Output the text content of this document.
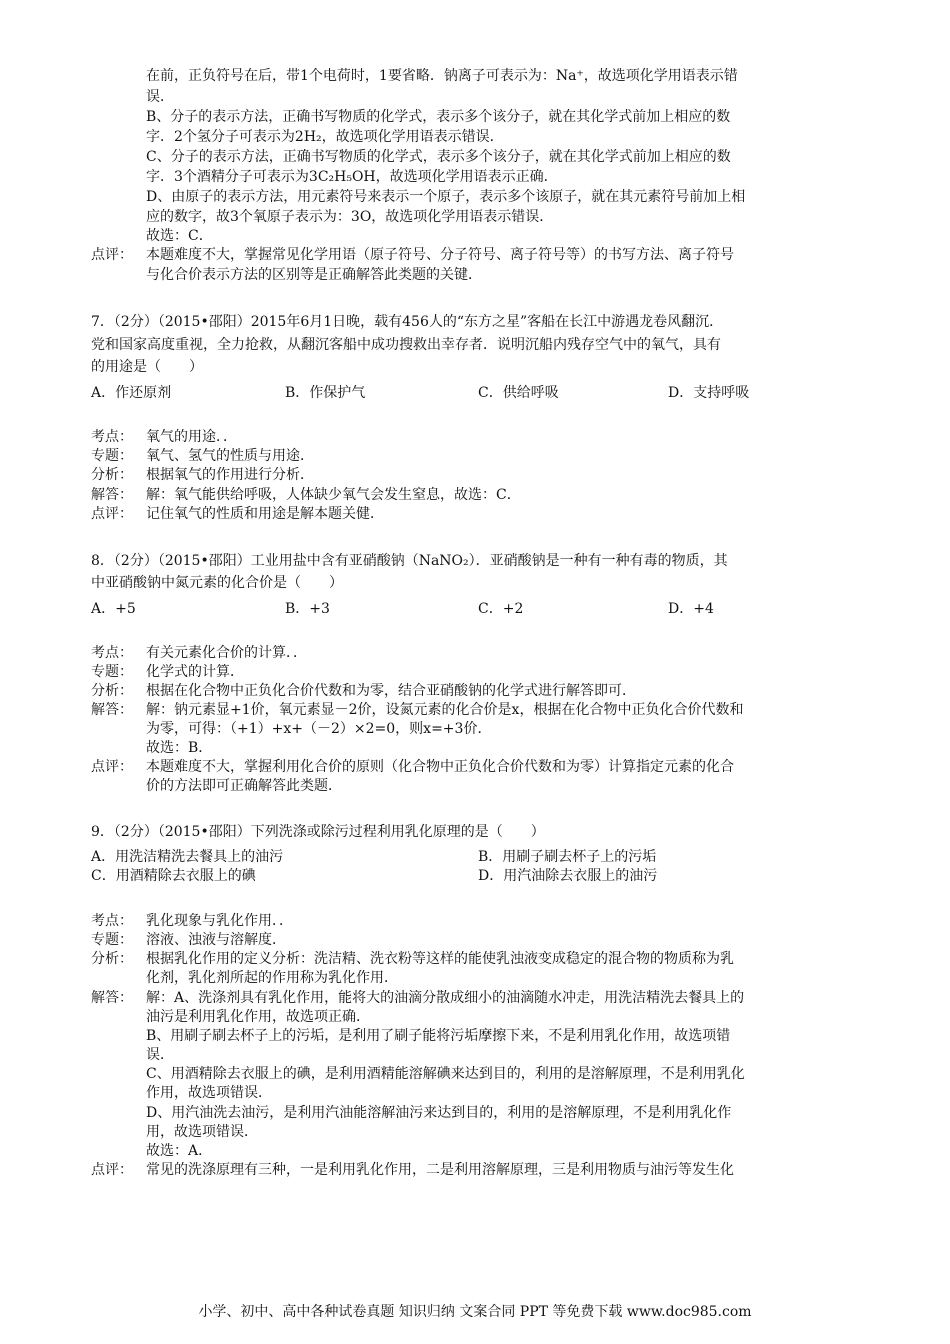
在前，正负符号在后，带1个电荷时，1要省略．钠离子可表示为：Na⁺，故选项化学用语表示错
误．
B、分子的表示方法，正确书写物质的化学式，表示多个该分子，就在其化学式前加上相应的数
字．2个氢分子可表示为2H₂，故选项化学用语表示错误．
C、分子的表示方法，正确书写物质的化学式，表示多个该分子，就在其化学式前加上相应的数
字．3个酒精分子可表示为3C₂H₅OH，故选项化学用语表示正确．
D、由原子的表示方法，用元素符号来表示一个原子，表示多个该原子，就在其元素符号前加上相
应的数字，故3个氧原子表示为：3O，故选项化学用语表示错误．
故选：C．
点评： 本题难度不大，掌握常见化学用语（原子符号、分子符号、离子符号等）的书写方法、离子符号
与化合价表示方法的区别等是正确解答此类题的关键．
7．（2分）（2015•邵阳）2015年6月1日晚，载有456人的“东方之星”客船在长江中游遇龙卷风翻沉．
党和国家高度重视，全力抢救，从翻沉客船中成功搜救出幸存者．说明沉船内残存空气中的氧气，具有
的用途是（　　）
A．作还原剂	B．作保护气	C．供给呼吸	D．支持呼吸
考点： 氧气的用途．．
专题： 氧气、氢气的性质与用途．
分析： 根据氧气的作用进行分析．
解答： 解：氧气能供给呼吸，人体缺少氧气会发生窒息，故选：C．
点评： 记住氧气的性质和用途是解本题关健．
8．（2分）（2015•邵阳）工业用盐中含有亚硝酸钠（NaNO₂）．亚硝酸钠是一种有一种有毒的物质，其
中亚硝酸钠中氮元素的化合价是（　　）
A．+5	B．+3	C．+2	D．+4
考点： 有关元素化合价的计算．．
专题： 化学式的计算．
分析： 根据在化合物中正负化合价代数和为零，结合亚硝酸钠的化学式进行解答即可．
解答： 解：钠元素显+1价，氧元素显－2价，设氮元素的化合价是x，根据在化合物中正负化合价代数和
为零，可得：（+1）+x+（－2）×2=0，则x=+3价．
故选：B．
点评： 本题难度不大，掌握利用化合价的原则（化合物中正负化合价代数和为零）计算指定元素的化合
价的方法即可正确解答此类题．
9．（2分）（2015•邵阳）下列洗涤或除污过程利用乳化原理的是（　　）
A．用洗洁精洗去餐具上的油污	B．用刷子刷去杯子上的污垢
C．用酒精除去衣服上的碘	D．用汽油除去衣服上的油污
考点： 乳化现象与乳化作用．．
专题： 溶液、浊液与溶解度．
分析： 根据乳化作用的定义分析：洗洁精、洗衣粉等这样的能使乳浊液变成稳定的混合物的物质称为乳
化剂，乳化剂所起的作用称为乳化作用．
解答： 解：A、洗涤剂具有乳化作用，能将大的油滴分散成细小的油滴随水冲走，用洗洁精洗去餐具上的
油污是利用乳化作用，故选项正确．
B、用刷子刷去杯子上的污垢，是利用了刷子能将污垢摩擦下来，不是利用乳化作用，故选项错
误．
C、用酒精除去衣服上的碘，是利用酒精能溶解碘来达到目的，利用的是溶解原理，不是利用乳化
作用，故选项错误．
D、用汽油洗去油污，是利用汽油能溶解油污来达到目的，利用的是溶解原理，不是利用乳化作
用，故选项错误．
故选：A．
点评： 常见的洗涤原理有三种，一是利用乳化作用，二是利用溶解原理，三是利用物质与油污等发生化
小学、初中、高中各种试卷真题 知识归纳 文案合同 PPT 等免费下载 www.doc985.com
